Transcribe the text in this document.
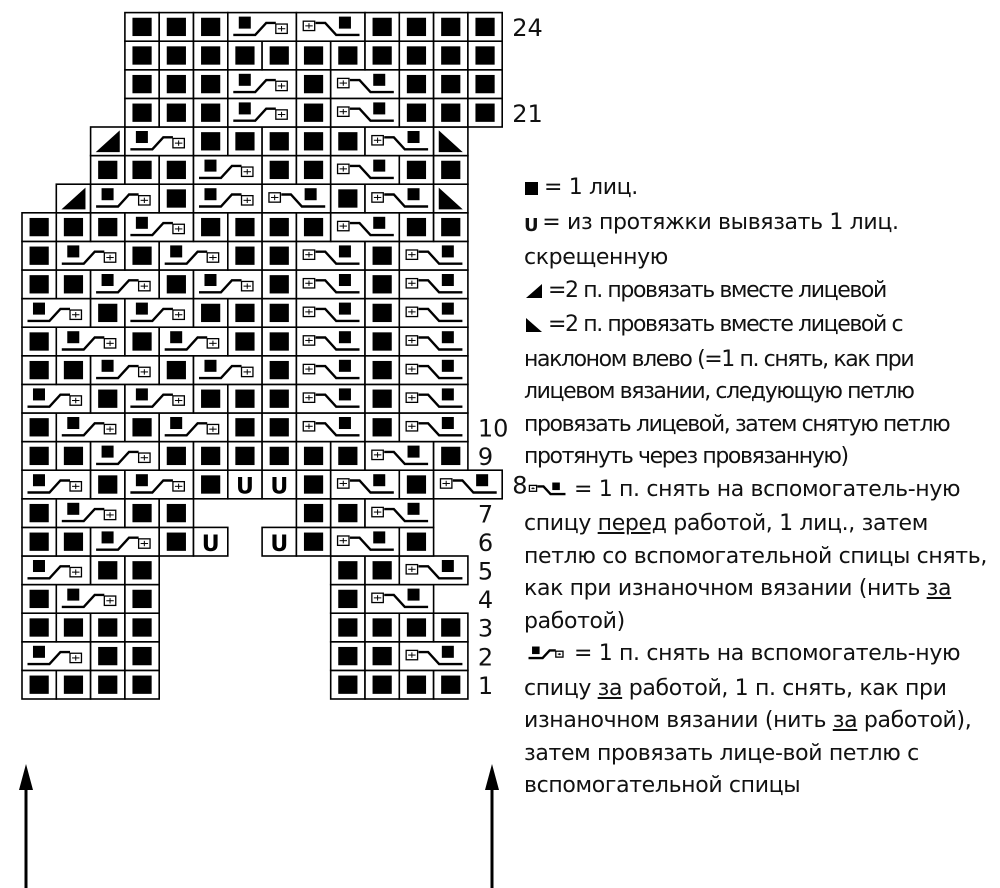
U U
U U
1
2
3
4
5
6
7
8
9
10
21
24

= 1 лиц.

U = из протяжки вывязать 1 лиц. скрещенную

=2 п. провязать вместе лицевой

=2 п. провязать вместе лицевой с наклоном влево (=1 п. снять, как при лицевом вязании, следующую петлю провязать лицевой, затем снятую петлю протянуть через провязанную)

= 1 п. снять на вспомогатель-ную спицу перед работой, 1 лиц., затем петлю со вспомогательной спицы снять, как при изнаночном вязании (нить за работой)

= 1 п. снять на вспомогатель-ную спицу за работой, 1 п. снять, как при изнаночном вязании (нить за работой), затем провязать лице-вой петлю с вспомогательной спицы
